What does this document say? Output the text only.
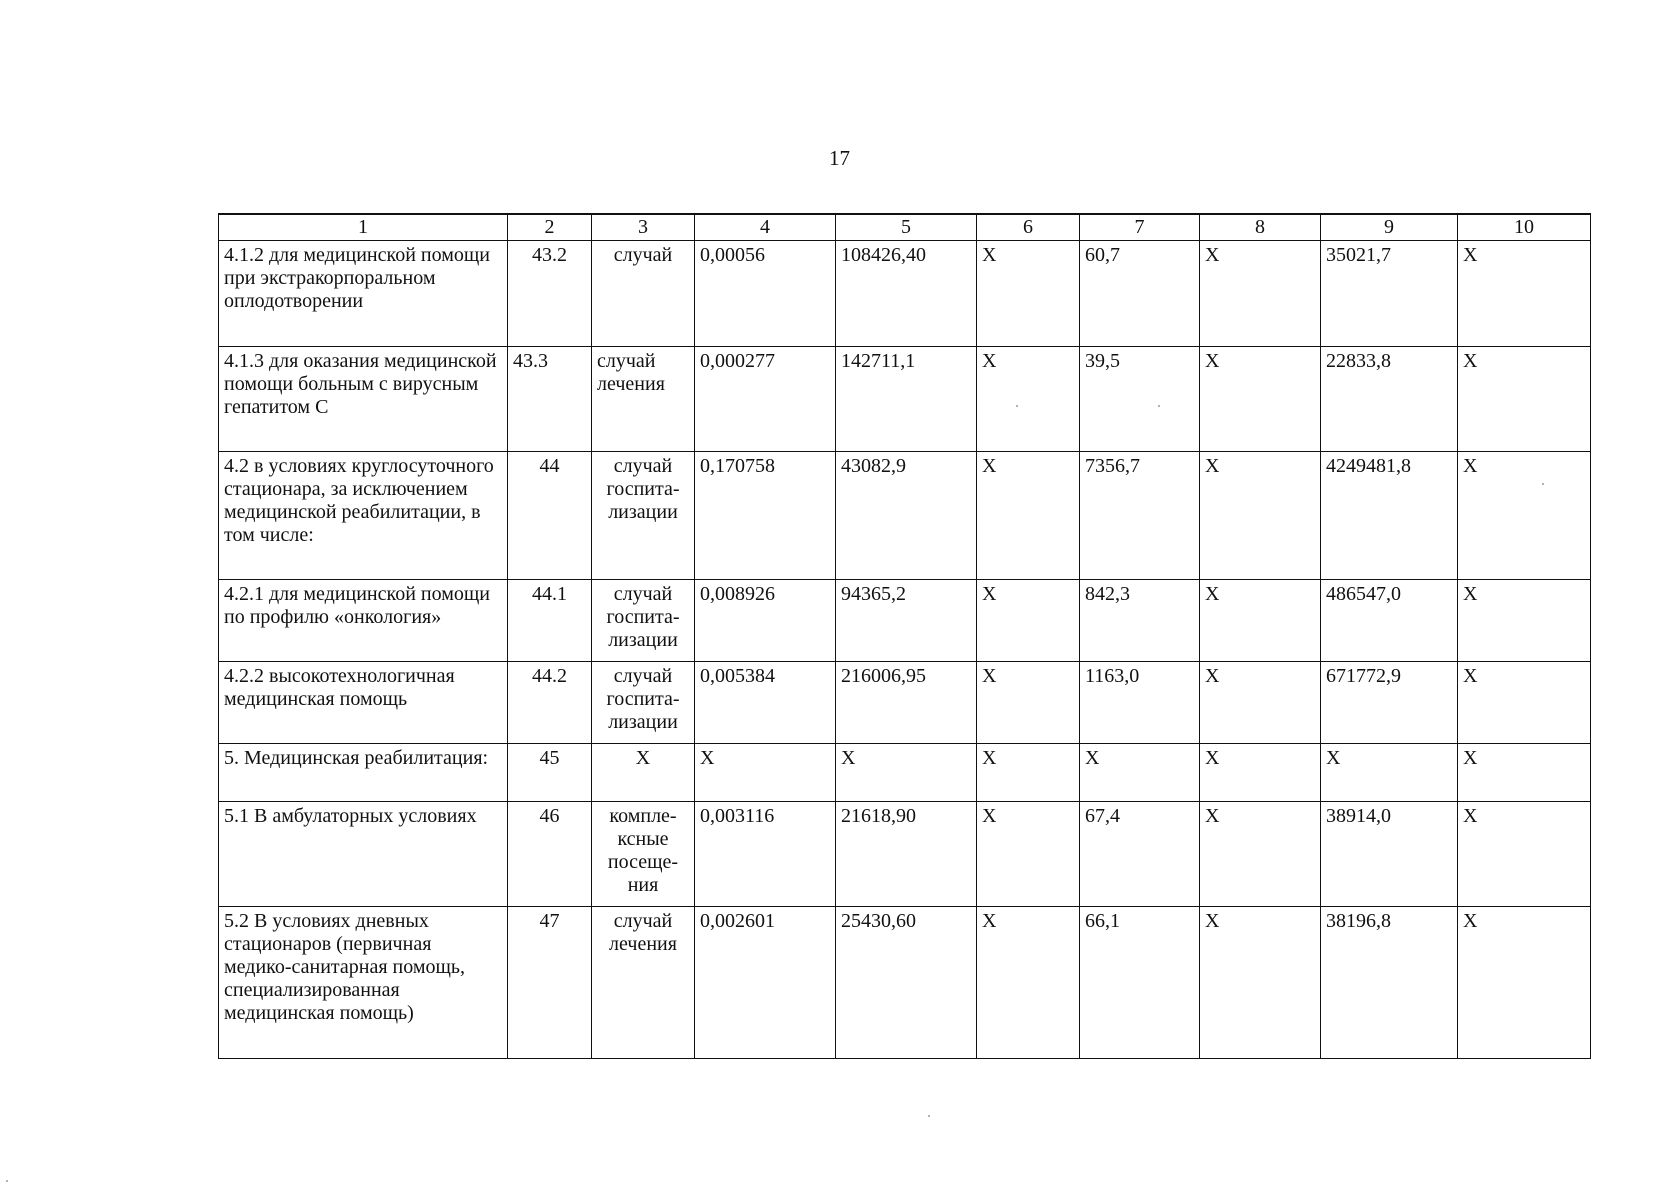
17
1	2	3	4	5	6	7	8	9	10
4.1.2 для медицинской помощи при экстракорпоральном оплодотворении	43.2	случай	0,00056	108426,40	X	60,7	X	35021,7	X
4.1.3 для оказания медицинской помощи больным с вирусным гепатитом С	43.3	случай лечения	0,000277	142711,1	X	39,5	X	22833,8	X
4.2 в условиях круглосуточного стационара, за исключением медицинской реабилитации, в том числе:	44	случай госпита-лизации	0,170758	43082,9	X	7356,7	X	4249481,8	X
4.2.1 для медицинской помощи по профилю «онкология»	44.1	случай госпита-лизации	0,008926	94365,2	X	842,3	X	486547,0	X
4.2.2 высокотехнологичная медицинская помощь	44.2	случай госпита-лизации	0,005384	216006,95	X	1163,0	X	671772,9	X
5. Медицинская реабилитация:	45	X	X	X	X	X	X	X	X
5.1 В амбулаторных условиях	46	компле-ксные посеще-ния	0,003116	21618,90	X	67,4	X	38914,0	X
5.2 В условиях дневных стационаров (первичная медико-санитарная помощь, специализированная медицинская помощь)	47	случай лечения	0,002601	25430,60	X	66,1	X	38196,8	X
